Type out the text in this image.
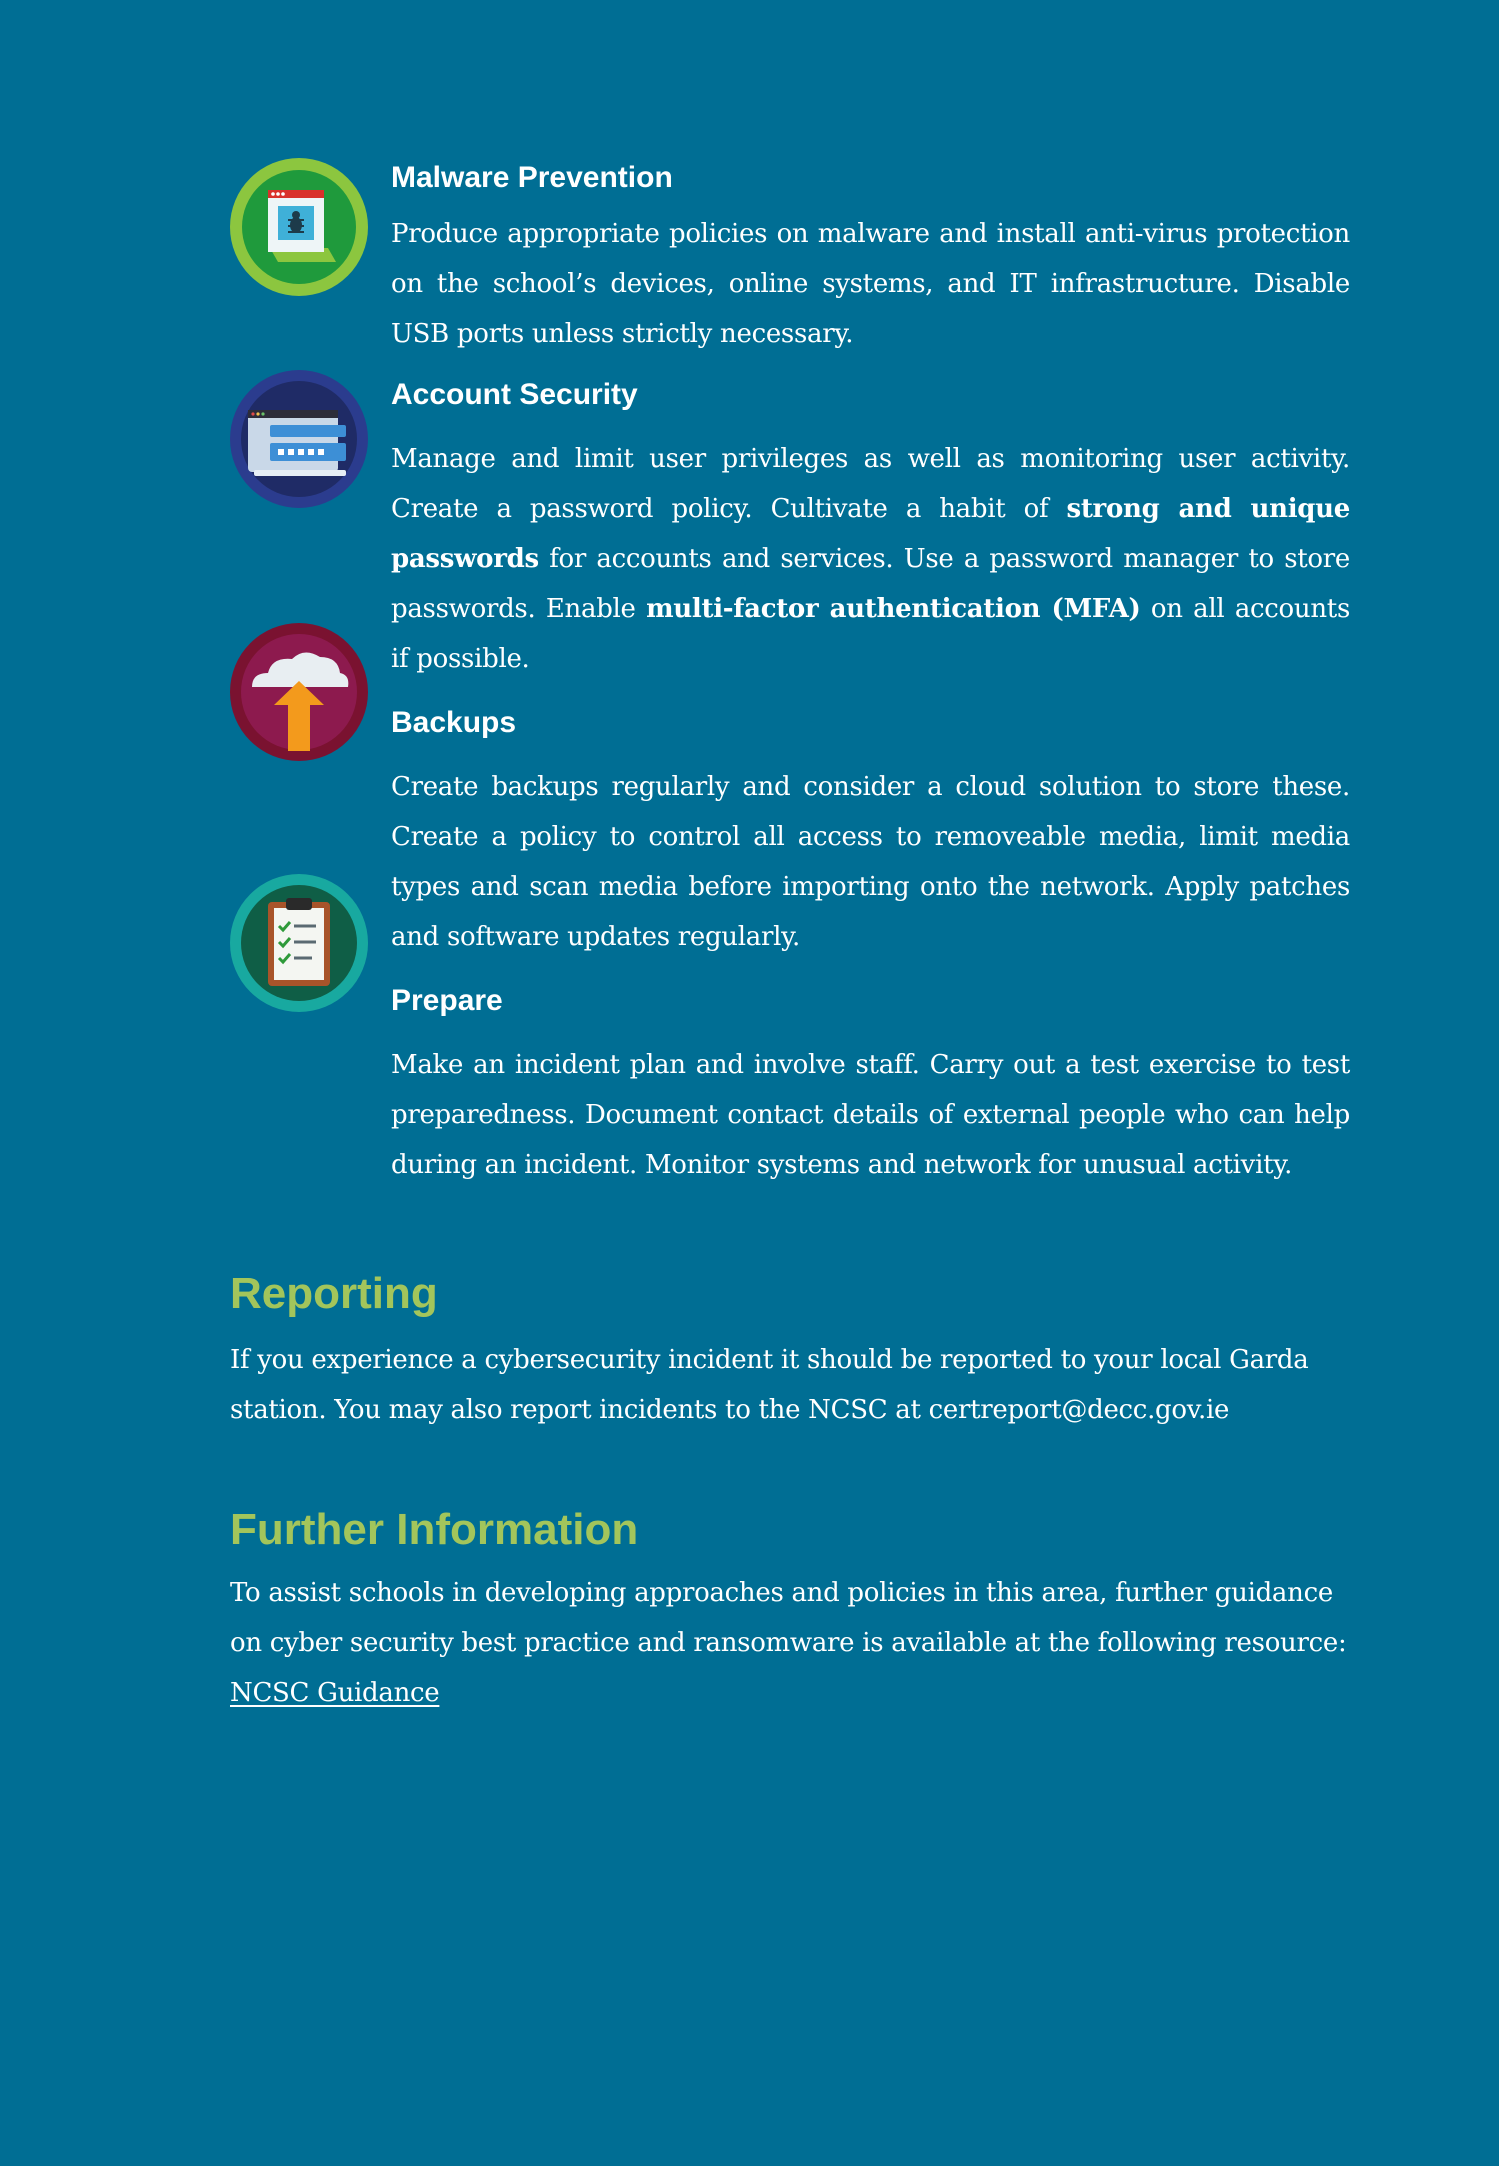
Malware Prevention

Produce appropriate policies on malware and install anti-virus protection on the school’s devices, online systems, and IT infrastructure. Disable USB ports unless strictly necessary.

Account Security

Manage and limit user privileges as well as monitoring user activity. Create a password policy. Cultivate a habit of strong and unique passwords for accounts and services. Use a password manager to store passwords. Enable multi-factor authentication (MFA) on all accounts if possible.

Backups

Create backups regularly and consider a cloud solution to store these. Create a policy to control all access to removeable media, limit media types and scan media before importing onto the network. Apply patches and software updates regularly.

Prepare

Make an incident plan and involve staff. Carry out a test exercise to test preparedness. Document contact details of external people who can help during an incident. Monitor systems and network for unusual activity.

Reporting

If you experience a cybersecurity incident it should be reported to your local Garda station. You may also report incidents to the NCSC at certreport@decc.gov.ie

Further Information

To assist schools in developing approaches and policies in this area, further guidance on cyber security best practice and ransomware is available at the following resource: NCSC Guidance
